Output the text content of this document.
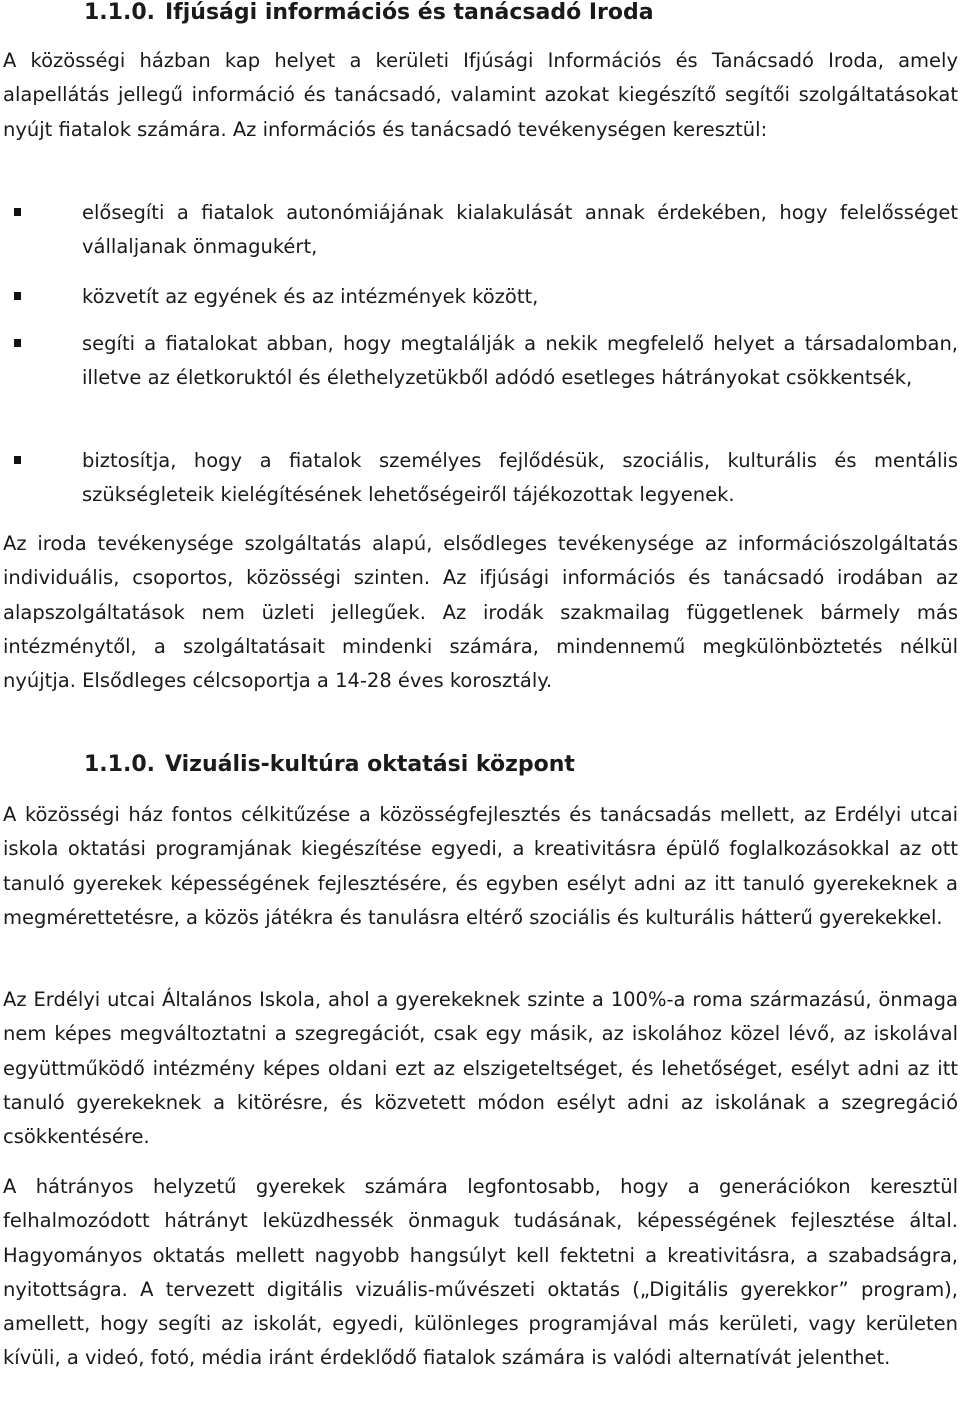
1.1.0. Ifjúsági információs és tanácsadó Iroda

A közösségi házban kap helyet a kerületi Ifjúsági Információs és Tanácsadó Iroda, amely alapellátás jellegű információ és tanácsadó, valamint azokat kiegészítő segítői szolgáltatásokat nyújt fiatalok számára. Az információs és tanácsadó tevékenységen keresztül:

elősegíti a fiatalok autonómiájának kialakulását annak érdekében, hogy felelősséget vállaljanak önmagukért,
közvetít az egyének és az intézmények között,
segíti a fiatalokat abban, hogy megtalálják a nekik megfelelő helyet a társadalomban, illetve az életkoruktól és élethelyzetükből adódó esetleges hátrányokat csökkentsék,
biztosítja, hogy a fiatalok személyes fejlődésük, szociális, kulturális és mentális szükségleteik kielégítésének lehetőségeiről tájékozottak legyenek.

Az iroda tevékenysége szolgáltatás alapú, elsődleges tevékenysége az információszolgáltatás individuális, csoportos, közösségi szinten. Az ifjúsági információs és tanácsadó irodában az alapszolgáltatások nem üzleti jellegűek. Az irodák szakmailag függetlenek bármely más intézménytől, a szolgáltatásait mindenki számára, mindennemű megkülönböztetés nélkül nyújtja. Elsődleges célcsoportja a 14-28 éves korosztály.

1.1.0. Vizuális-kultúra oktatási központ

A közösségi ház fontos célkitűzése a közösségfejlesztés és tanácsadás mellett, az Erdélyi utcai iskola oktatási programjának kiegészítése egyedi, a kreativitásra épülő foglalkozásokkal az ott tanuló gyerekek képességének fejlesztésére, és egyben esélyt adni az itt tanuló gyerekeknek a megmérettetésre, a közös játékra és tanulásra eltérő szociális és kulturális hátterű gyerekekkel.

Az Erdélyi utcai Általános Iskola, ahol a gyerekeknek szinte a 100%-a roma származású, önmaga nem képes megváltoztatni a szegregációt, csak egy másik, az iskolához közel lévő, az iskolával együttműködő intézmény képes oldani ezt az elszigeteltséget, és lehetőséget, esélyt adni az itt tanuló gyerekeknek a kitörésre, és közvetett módon esélyt adni az iskolának a szegregáció csökkentésére.

A hátrányos helyzetű gyerekek számára legfontosabb, hogy a generációkon keresztül felhalmozódott hátrányt leküzdhessék önmaguk tudásának, képességének fejlesztése által. Hagyományos oktatás mellett nagyobb hangsúlyt kell fektetni a kreativitásra, a szabadságra, nyitottságra. A tervezett digitális vizuális-művészeti oktatás („Digitális gyerekkor” program), amellett, hogy segíti az iskolát, egyedi, különleges programjával más kerületi, vagy kerületen kívüli, a videó, fotó, média iránt érdeklődő fiatalok számára is valódi alternatívát jelenthet.
